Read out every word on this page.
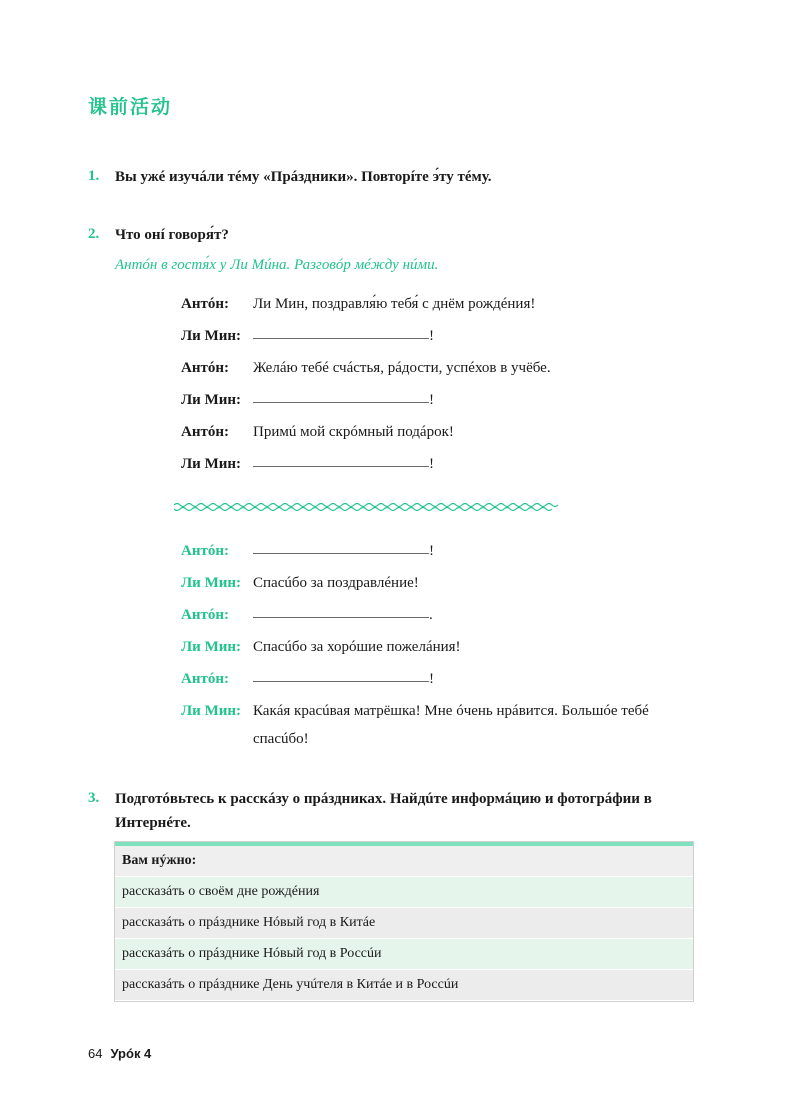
课前活动
1. Вы ужé изучáли тéму «Прáздники». Повторíте э́ту тéму.
2. Что онí говоря́т?
Антóн в гостя́х у Ли Мúна. Разговóр мéжду нúми.
Антóн:	Ли Мин, поздравля́ю тебя́ с днём рождéния!
Ли Мин:	!
Антóн:	Желáю тебé счáстья, рáдости, успéхов в учёбе.
Ли Мин:	!
Антóн:	Примú мой скрóмный подáрок!
Ли Мин:	!
Антóн:	!
Ли Мин: Спасúбо за поздравлéние!
Антóн:	.
Ли Мин: Спасúбо за хорóшие пожелáния!
Антóн:	!
Ли Мин: Какáя красúвая матрёшка! Мне óчень нрáвится. Большóе тебé
спасúбо!
3. Подготóвьтесь к расскáзу о прáздниках. Найдúте информáцию и фотогрáфии в
Интернéте.
Вам нýжно:
рассказáть о своём дне рождéния
рассказáть о прáзднике Нóвый год в Китáе
рассказáть о прáзднике Нóвый год в Россúи
рассказáть о прáзднике День учúтеля в Китáе и в Россúи
64 Урóк 4
